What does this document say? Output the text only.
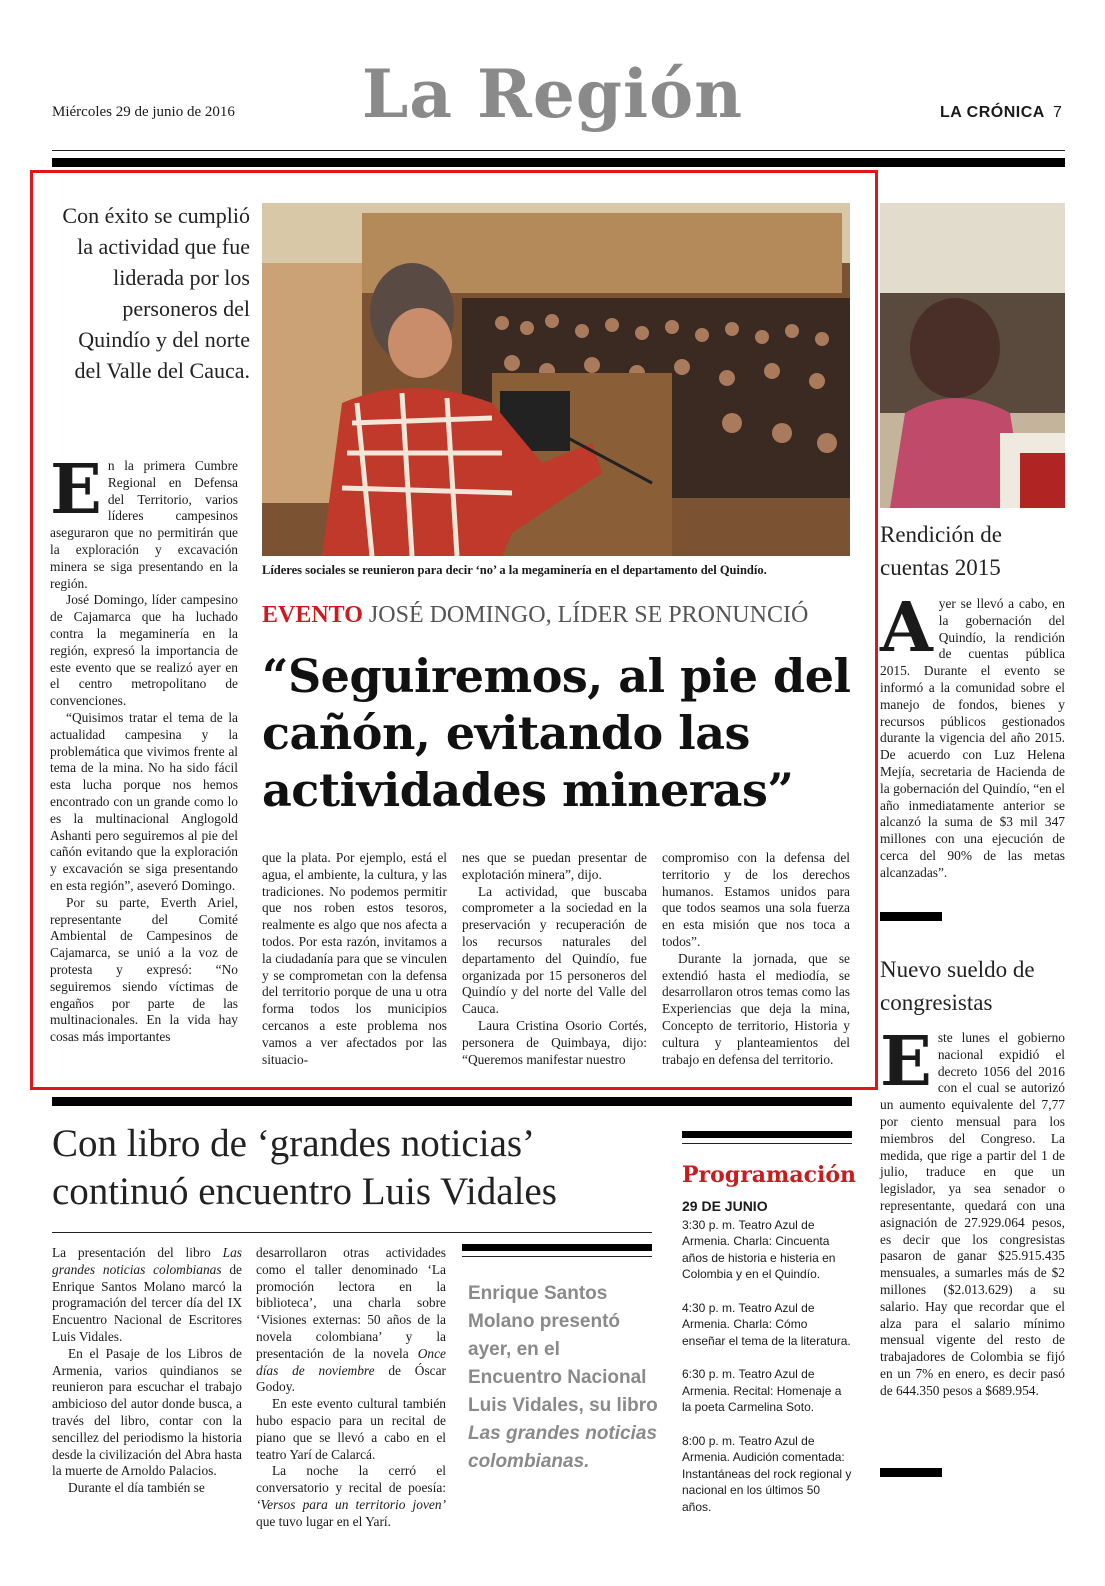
Miércoles 29 de junio de 2016	La Región	LA CRÓNICA 7
Con éxito se cumplió la actividad que fue liderada por los personeros del Quindío y del norte del Valle del Cauca.
Líderes sociales se reunieron para decir ‘no’ a la megaminería en el departamento del Quindío.
EVENTO JOSÉ DOMINGO, LÍDER SE PRONUNCIÓ
“Seguiremos, al pie del cañón, evitando las actividades mineras”
E n la primera Cumbre Regional en Defensa del Territorio, varios líderes campesinos aseguraron que no permitirán que la exploración y excavación minera se siga presentando en la región.

José Domingo, líder campesino de Cajamarca que ha luchado contra la megaminería en la región, expresó la importancia de este evento que se realizó ayer en el centro metropolitano de convenciones.

“Quisimos tratar el tema de la actualidad campesina y la problemática que vivimos frente al tema de la mina. No ha sido fácil esta lucha porque nos hemos encontrado con un grande como lo es la multinacional Anglogold Ashanti pero seguiremos al pie del cañón evitando que la exploración y excavación se siga presentando en esta región”, aseveró Domingo.

Por su parte, Everth Ariel, representante del Comité Ambiental de Campesinos de Cajamarca, se unió a la voz de protesta y expresó: “No seguiremos siendo víctimas de engaños por parte de las multinacionales. En la vida hay cosas más importantes

que la plata. Por ejemplo, está el agua, el ambiente, la cultura, y las tradiciones. No podemos permitir que nos roben estos tesoros, realmente es algo que nos afecta a todos. Por esta razón, invitamos a la ciudadanía para que se vinculen y se comprometan con la defensa del territorio porque de una u otra forma todos los municipios cercanos a este problema nos vamos a ver afectados por las situacio-

nes que se puedan presentar de explotación minera”, dijo.

La actividad, que buscaba comprometer a la sociedad en la preservación y recuperación de los recursos naturales del departamento del Quindío, fue organizada por 15 personeros del Quindío y del norte del Valle del Cauca.

Laura Cristina Osorio Cortés, personera de Quimbaya, dijo: “Queremos manifestar nuestro

compromiso con la defensa del territorio y de los derechos humanos. Estamos unidos para que todos seamos una sola fuerza en esta misión que nos toca a todos”.

Durante la jornada, que se extendió hasta el mediodía, se desarrollaron otros temas como las Experiencias que deja la mina, Concepto de territorio, Historia y cultura y planteamientos del trabajo en defensa del territorio.

Rendición de cuentas 2015
A yer se llevó a cabo, en la gobernación del Quindío, la rendición de cuentas pública 2015. Durante el evento se informó a la comunidad sobre el manejo de fondos, bienes y recursos públicos gestionados durante la vigencia del año 2015. De acuerdo con Luz Helena Mejía, secretaria de Hacienda de la gobernación del Quindío, “en el año inmediatamente anterior se alcanzó la suma de $3 mil 347 millones con una ejecución de cerca del 90% de las metas alcanzadas”.

Nuevo sueldo de congresistas
E ste lunes el gobierno nacional expidió el decreto 1056 del 2016 con el cual se autorizó un aumento equivalente del 7,77 por ciento mensual para los miembros del Congreso. La medida, que rige a partir del 1 de julio, traduce en que un legislador, ya sea senador o representante, quedará con una asignación de 27.929.064 pesos, es decir que los congresistas pasaron de ganar $25.915.435 mensuales, a sumarles más de $2 millones ($2.013.629) a su salario. Hay que recordar que el alza para el salario mínimo mensual vigente del resto de trabajadores de Colombia se fijó en un 7% en enero, es decir pasó de 644.350 pesos a $689.954.

Con libro de ‘grandes noticias’ continuó encuentro Luis Vidales

La presentación del libro Las grandes noticias colombianas de Enrique Santos Molano marcó la programación del tercer día del IX Encuentro Nacional de Escritores Luis Vidales.

En el Pasaje de los Libros de Armenia, varios quindianos se reunieron para escuchar el trabajo ambicioso del autor donde busca, a través del libro, contar con la sencillez del periodismo la historia desde la civilización del Abra hasta la muerte de Arnoldo Palacios.

Durante el día también se

desarrollaron otras actividades como el taller denominado ‘La promoción lectora en la biblioteca’, una charla sobre ‘Visiones externas: 50 años de la novela colombiana’ y la presentación de la novela Once días de noviembre de Óscar Godoy.

En este evento cultural también hubo espacio para un recital de piano que se llevó a cabo en el teatro Yarí de Calarcá.

La noche la cerró el conversatorio y recital de poesía: ‘Versos para un territorio joven’ que tuvo lugar en el Yarí.

Enrique Santos Molano presentó ayer, en el Encuentro Nacional Luis Vidales, su libro Las grandes noticias colombianas.
Programación
29 DE JUNIO
3:30 p. m. Teatro Azul de Armenia. Charla: Cincuenta años de historia e histeria en Colombia y en el Quindío.
4:30 p. m. Teatro Azul de Armenia. Charla: Cómo enseñar el tema de la literatura.
6:30 p. m. Teatro Azul de Armenia. Recital: Homenaje a la poeta Carmelina Soto.
8:00 p. m. Teatro Azul de Armenia. Audición comentada: Instantáneas del rock regional y nacional en los últimos 50 años.
